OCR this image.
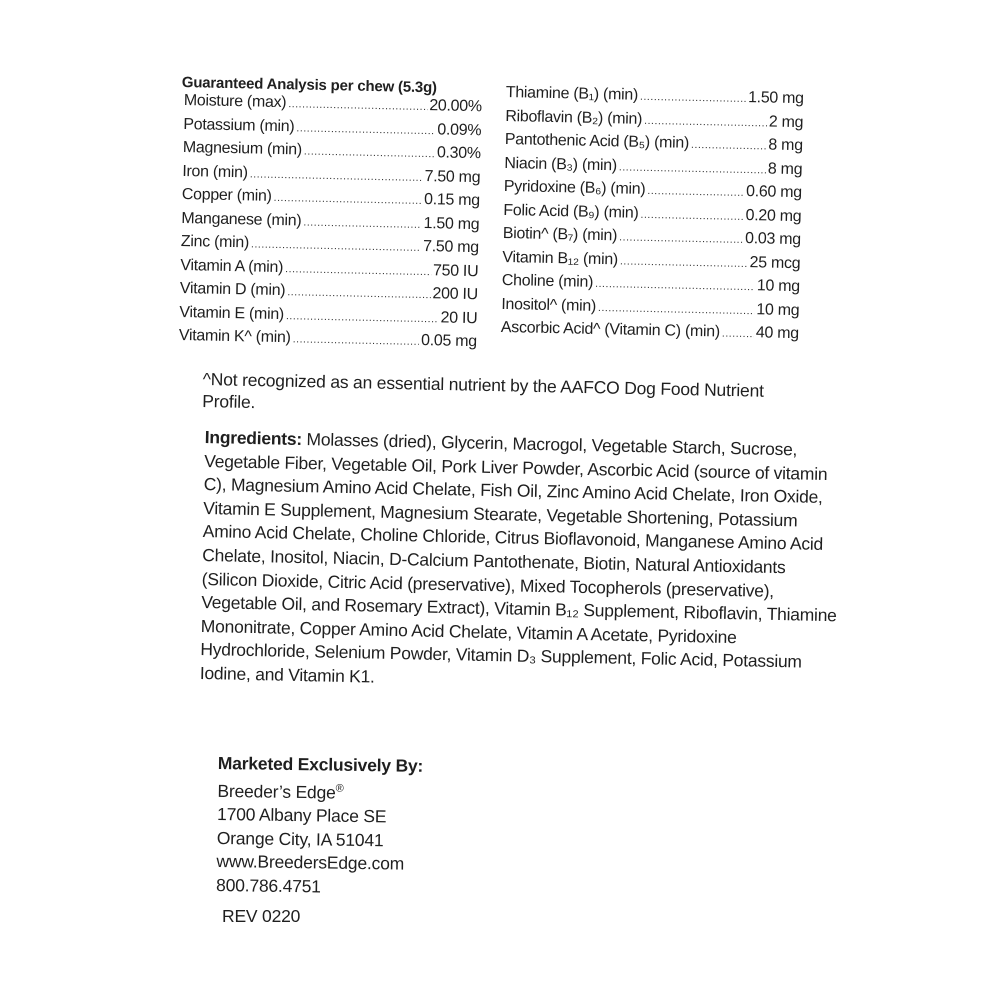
Guaranteed Analysis per chew (5.3g)
Moisture (max) .....	20.00%
Potassium (min) .....	0.09%
Magnesium (min) .....	0.30%
Iron (min) .....	7.50 mg
Copper (min) .....	0.15 mg
Manganese (min) .....	1.50 mg
Zinc (min) .....	7.50 mg
Vitamin A (min) .....	750 IU
Vitamin D (min) .....	200 IU
Vitamin E (min) .....	20 IU
Vitamin K^ (min) .....	0.05 mg
Thiamine (B₁) (min) .....	1.50 mg
Riboflavin (B₂) (min) .....	2 mg
Pantothenic Acid (B₅) (min) .....	8 mg
Niacin (B₃) (min) .....	8 mg
Pyridoxine (B₆) (min) .....	0.60 mg
Folic Acid (B₉) (min) .....	0.20 mg
Biotin^ (B₇) (min) .....	0.03 mg
Vitamin B₁₂ (min) .....	25 mcg
Choline (min) .....	10 mg
Inositol^ (min) .....	10 mg
Ascorbic Acid^ (Vitamin C) (min) ..... 40 mg
^Not recognized as an essential nutrient by the AAFCO Dog Food Nutrient Profile.
Ingredients: Molasses (dried), Glycerin, Macrogol, Vegetable Starch, Sucrose, Vegetable Fiber, Vegetable Oil, Pork Liver Powder, Ascorbic Acid (source of vitamin C), Magnesium Amino Acid Chelate, Fish Oil, Zinc Amino Acid Chelate, Iron Oxide, Vitamin E Supplement, Magnesium Stearate, Vegetable Shortening, Potassium Amino Acid Chelate, Choline Chloride, Citrus Bioflavonoid, Manganese Amino Acid Chelate, Inositol, Niacin, D-Calcium Pantothenate, Biotin, Natural Antioxidants (Silicon Dioxide, Citric Acid (preservative), Mixed Tocopherols (preservative), Vegetable Oil, and Rosemary Extract), Vitamin B₁₂ Supplement, Riboflavin, Thiamine Mononitrate, Copper Amino Acid Chelate, Vitamin A Acetate, Pyridoxine Hydrochloride, Selenium Powder, Vitamin D₃ Supplement, Folic Acid, Potassium Iodine, and Vitamin K1.
Marketed Exclusively By:
Breeder’s Edge®
1700 Albany Place SE
Orange City, IA 51041
www.BreedersEdge.com
800.786.4751
REV 0220
